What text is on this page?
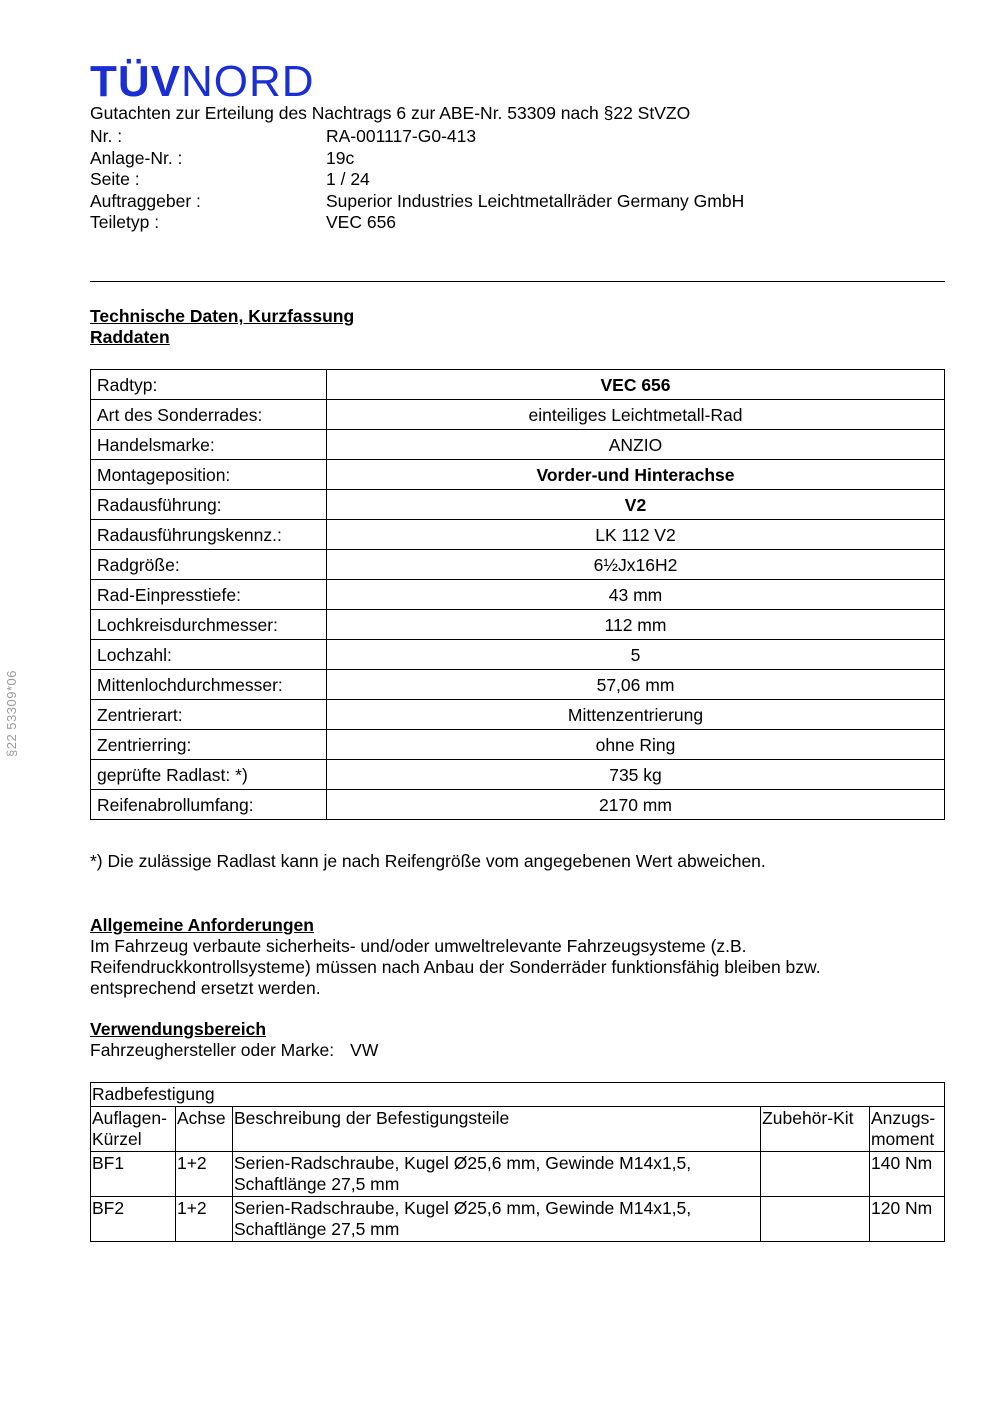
TÜVNORD
Gutachten zur Erteilung des Nachtrags 6 zur ABE-Nr. 53309 nach §22 StVZO
Nr. :	RA-001117-G0-413
Anlage-Nr. :	19c
Seite :	1 / 24
Auftraggeber :	Superior Industries Leichtmetallräder Germany GmbH
Teiletyp :	VEC 656
Technische Daten, Kurzfassung
Raddaten
Radtyp:	VEC 656
Art des Sonderrades:	einteiliges Leichtmetall-Rad
Handelsmarke:	ANZIO
Montageposition:	Vorder-und Hinterachse
Radausführung:	V2
Radausführungskennz.:	LK 112 V2
Radgröße:	6½Jx16H2
Rad-Einpresstiefe:	43 mm
Lochkreisdurchmesser:	112 mm
Lochzahl:	5
Mittenlochdurchmesser:	57,06 mm
Zentrierart:	Mittenzentrierung
Zentrierring:	ohne Ring
geprüfte Radlast: *)	735 kg
Reifenabrollumfang:	2170 mm
*) Die zulässige Radlast kann je nach Reifengröße vom angegebenen Wert abweichen.
Allgemeine Anforderungen
Im Fahrzeug verbaute sicherheits- und/oder umweltrelevante Fahrzeugsysteme (z.B. Reifendruckkontrollsysteme) müssen nach Anbau der Sonderräder funktionsfähig bleiben bzw. entsprechend ersetzt werden.
Verwendungsbereich
Fahrzeughersteller oder Marke: VW
Radbefestigung				
Auflagen-Kürzel	Achse	Beschreibung der Befestigungsteile	Zubehör-Kit	Anzugs-moment
BF1	1+2	Serien-Radschraube, Kugel Ø25,6 mm, Gewinde M14x1,5, Schaftlänge 27,5 mm		140 Nm
BF2	1+2	Serien-Radschraube, Kugel Ø25,6 mm, Gewinde M14x1,5, Schaftlänge 27,5 mm		120 Nm
§22 53309*06
